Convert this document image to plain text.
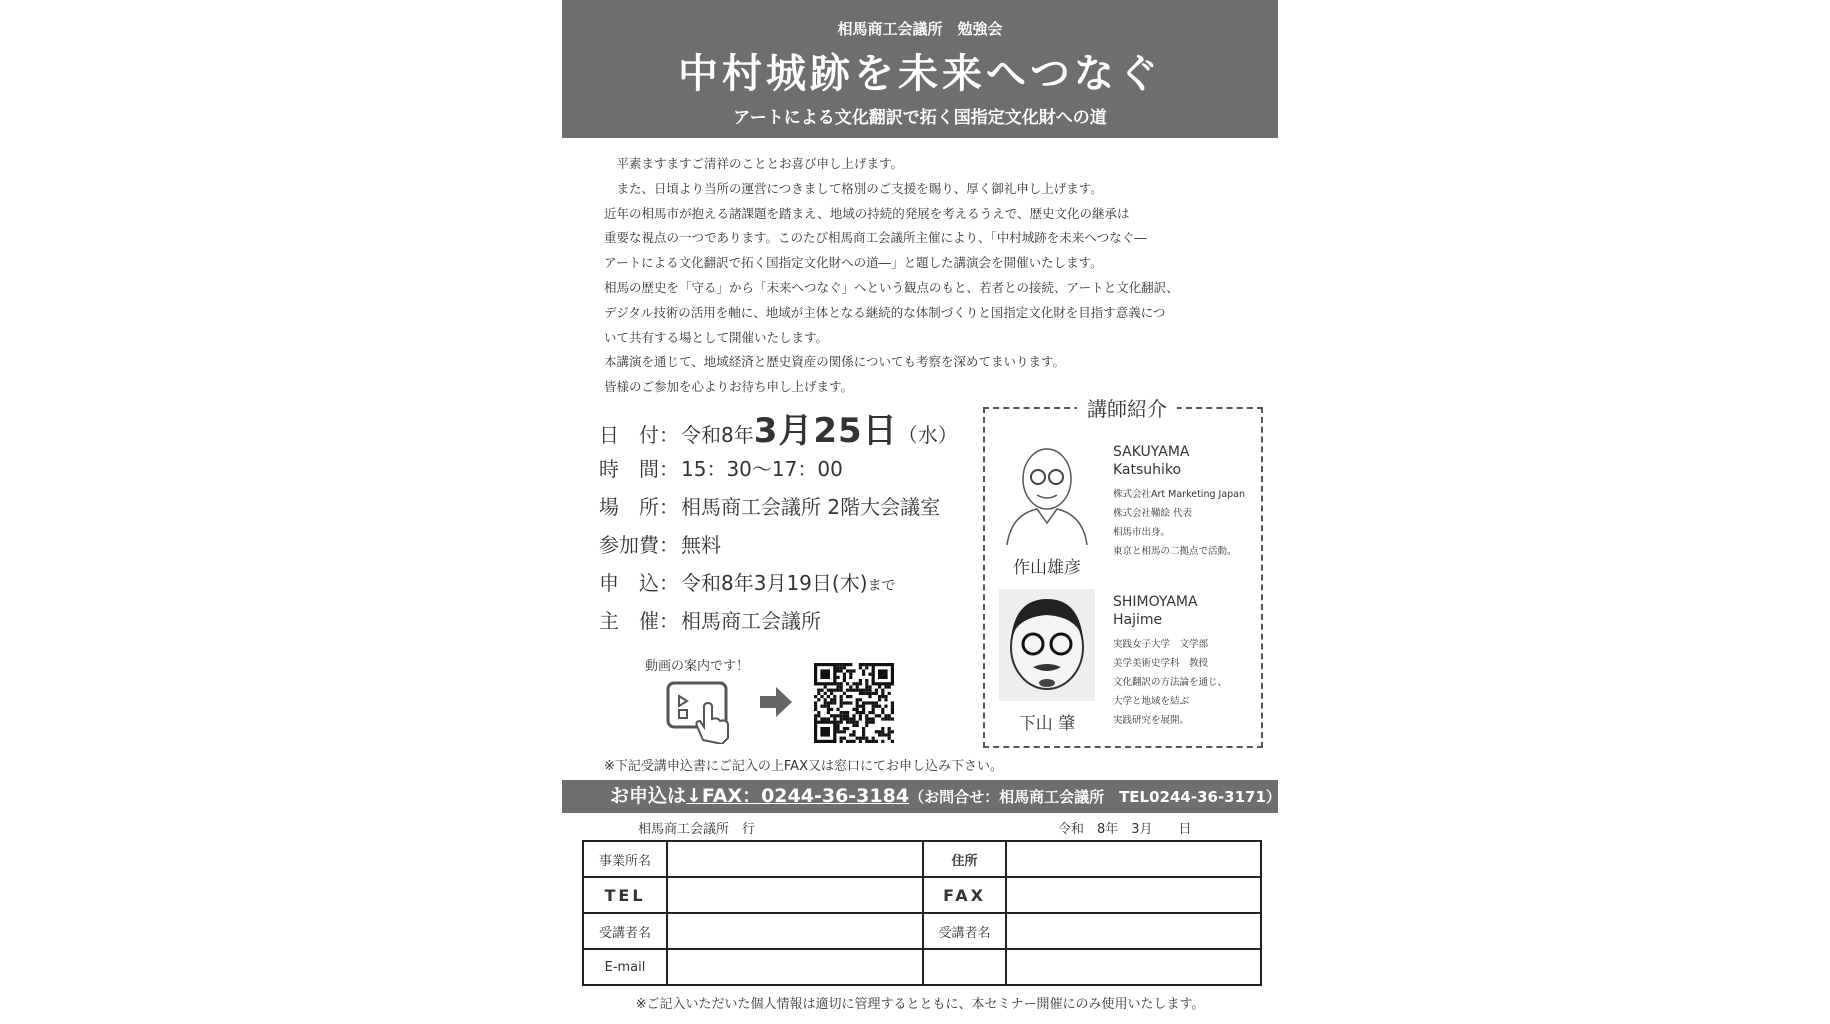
相馬商工会議所　勉強会
中村城跡を未来へつなぐ
アートによる文化翻訳で拓く国指定文化財への道
　平素ますますご清祥のこととお喜び申し上げます。
　また、日頃より当所の運営につきまして格別のご支援を賜り、厚く御礼申し上げます。
近年の相馬市が抱える諸課題を踏まえ、地域の持続的発展を考えるうえで、歴史文化の継承は
重要な視点の一つであります。このたび相馬商工会議所主催により、「中村城跡を未来へつなぐ―
アートによる文化翻訳で拓く国指定文化財への道―」と題した講演会を開催いたします。
相馬の歴史を「守る」から「未来へつなぐ」へという観点のもと、若者との接続、アートと文化翻訳、
デジタル技術の活用を軸に、地域が主体となる継続的な体制づくりと国指定文化財を目指す意義につ
いて共有する場として開催いたします。
本講演を通じて、地域経済と歴史資産の関係についても考察を深めてまいります。
皆様のご参加を心よりお待ち申し上げます。
日　付： 令和8年3月25日（水）
時　間： 15：30～17：00
場　所： 相馬商工会議所 2階大会議室
参加費： 無料
申　込： 令和8年3月19日(木)まで
主　催： 相馬商工会議所
動画の案内です！
講師紹介
作山雄彦
SAKUYAMA
Katsuhiko
株式会社Art Marketing Japan
株式会社鞴絵 代表
相馬市出身。
東京と相馬の二拠点で活動。
下山 肇
SHIMOYAMA
Hajime
実践女子大学　文学部
美学美術史学科　教授
文化翻訳の方法論を通じ、
大学と地域を結ぶ
実践研究を展開。
※下記受講申込書にご記入の上FAX又は窓口にてお申し込み下さい。
お申込は↓FAX：0244-36-3184（お問合せ：相馬商工会議所　TEL0244-36-3171）
相馬商工会議所　行	令和　8年　3月　　日
事業所名		住所	
TEL		FAX	
受講者名		受講者名	
E-mail			
※ご記入いただいた個人情報は適切に管理するとともに、本セミナー開催にのみ使用いたします。
